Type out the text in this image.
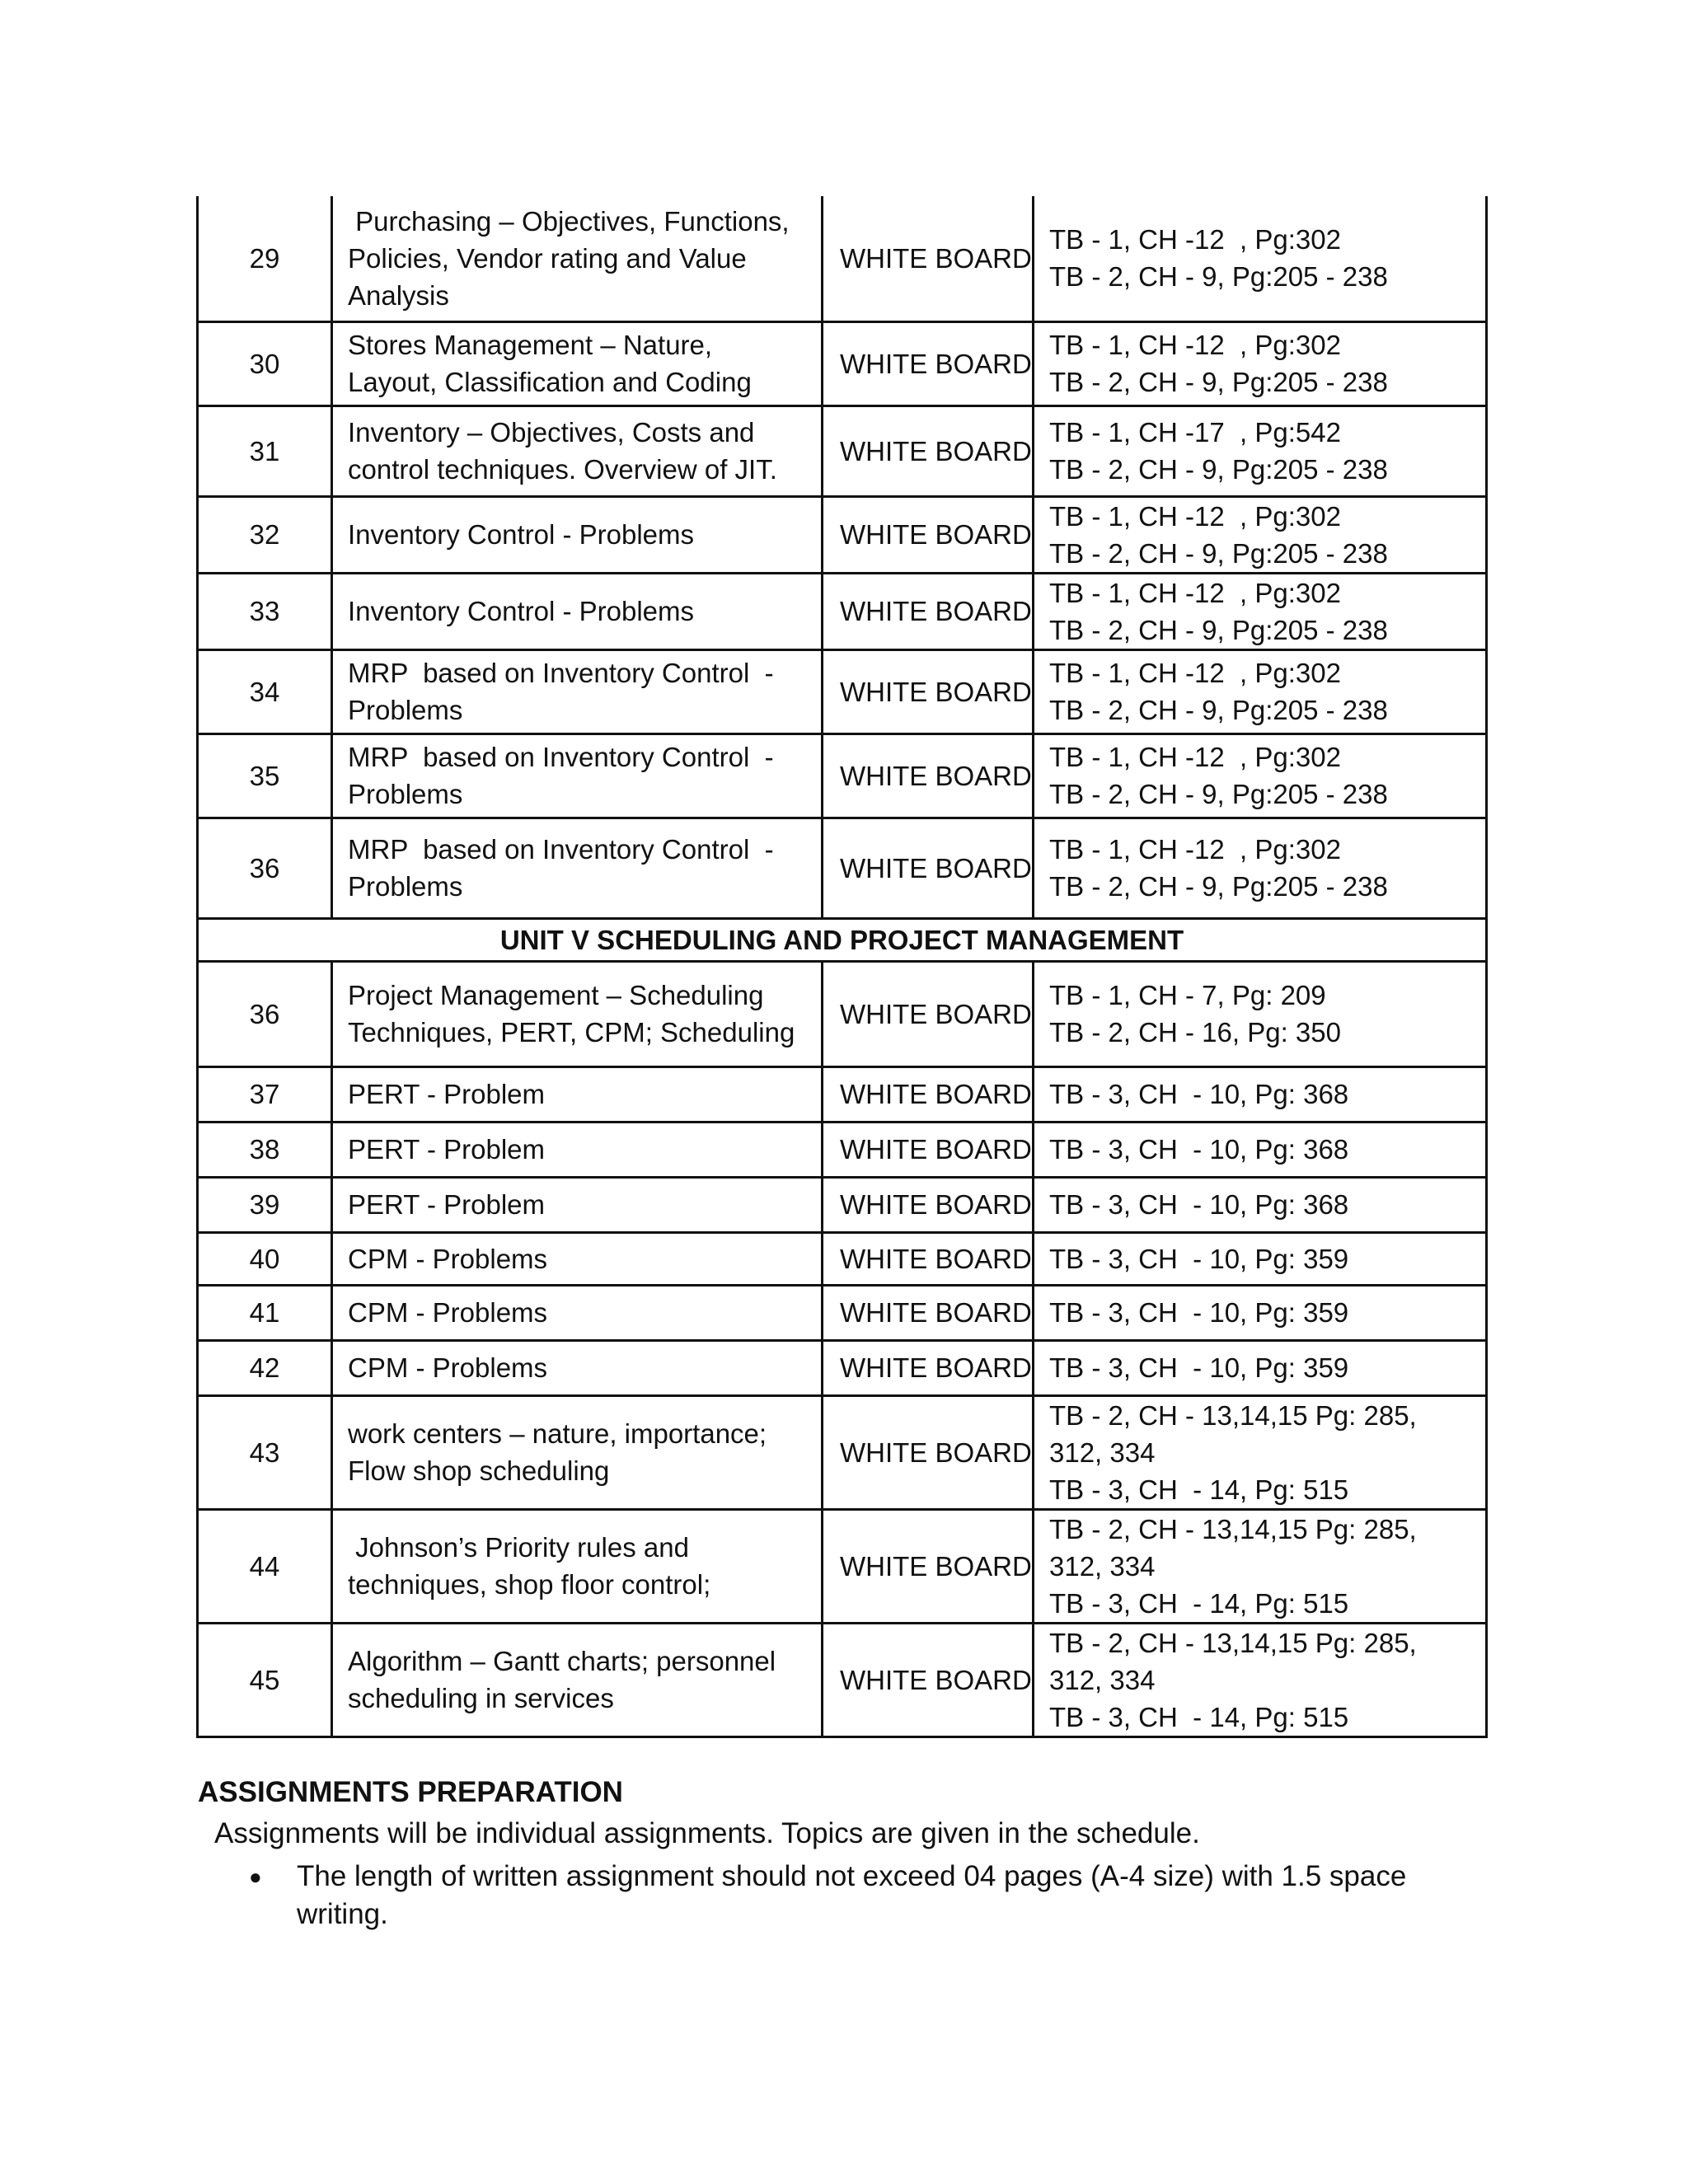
29	Purchasing – Objectives, Functions,
Policies, Vendor rating and Value
Analysis	WHITE BOARD	TB - 1, CH -12  , Pg:302
TB - 2, CH - 9, Pg:205 - 238

30	Stores Management – Nature,
Layout, Classification and Coding	WHITE BOARD	TB - 1, CH -12  , Pg:302
TB - 2, CH - 9, Pg:205 - 238

31	Inventory – Objectives, Costs and
control techniques. Overview of JIT.	WHITE BOARD	TB - 1, CH -17  , Pg:542
TB - 2, CH - 9, Pg:205 - 238

32	Inventory Control - Problems	WHITE BOARD	TB - 1, CH -12  , Pg:302
TB - 2, CH - 9, Pg:205 - 238

33	Inventory Control - Problems	WHITE BOARD	TB - 1, CH -12  , Pg:302
TB - 2, CH - 9, Pg:205 - 238

34	MRP  based on Inventory Control  -
Problems	WHITE BOARD	TB - 1, CH -12  , Pg:302
TB - 2, CH - 9, Pg:205 - 238

35	MRP  based on Inventory Control  -
Problems	WHITE BOARD	TB - 1, CH -12  , Pg:302
TB - 2, CH - 9, Pg:205 - 238

36	MRP  based on Inventory Control  -
Problems	WHITE BOARD	TB - 1, CH -12  , Pg:302
TB - 2, CH - 9, Pg:205 - 238

UNIT V SCHEDULING AND PROJECT MANAGEMENT			
36	Project Management – Scheduling
Techniques, PERT, CPM; Scheduling	WHITE BOARD	TB - 1, CH - 7, Pg: 209
TB - 2, CH - 16, Pg: 350

37	PERT - Problem	WHITE BOARD	TB - 3, CH  - 10, Pg: 368

38	PERT - Problem	WHITE BOARD	TB - 3, CH  - 10, Pg: 368

39	PERT - Problem	WHITE BOARD	TB - 3, CH  - 10, Pg: 368

40	CPM - Problems	WHITE BOARD	TB - 3, CH  - 10, Pg: 359

41	CPM - Problems	WHITE BOARD	TB - 3, CH  - 10, Pg: 359

42	CPM - Problems	WHITE BOARD	TB - 3, CH  - 10, Pg: 359

43	work centers – nature, importance;
Flow shop scheduling	WHITE BOARD	TB - 2, CH - 13,14,15 Pg: 285,
312, 334
TB - 3, CH  - 14, Pg: 515

44	Johnson’s Priority rules and
techniques, shop floor control;	WHITE BOARD	TB - 2, CH - 13,14,15 Pg: 285,
312, 334
TB - 3, CH  - 14, Pg: 515

45	Algorithm – Gantt charts; personnel
scheduling in services	WHITE BOARD	TB - 2, CH - 13,14,15 Pg: 285,
312, 334
TB - 3, CH  - 14, Pg: 515
ASSIGNMENTS PREPARATION

Assignments will be individual assignments. Topics are given in the schedule.

● The length of written assignment should not exceed 04 pages (A-4 size) with 1.5 space writing.
